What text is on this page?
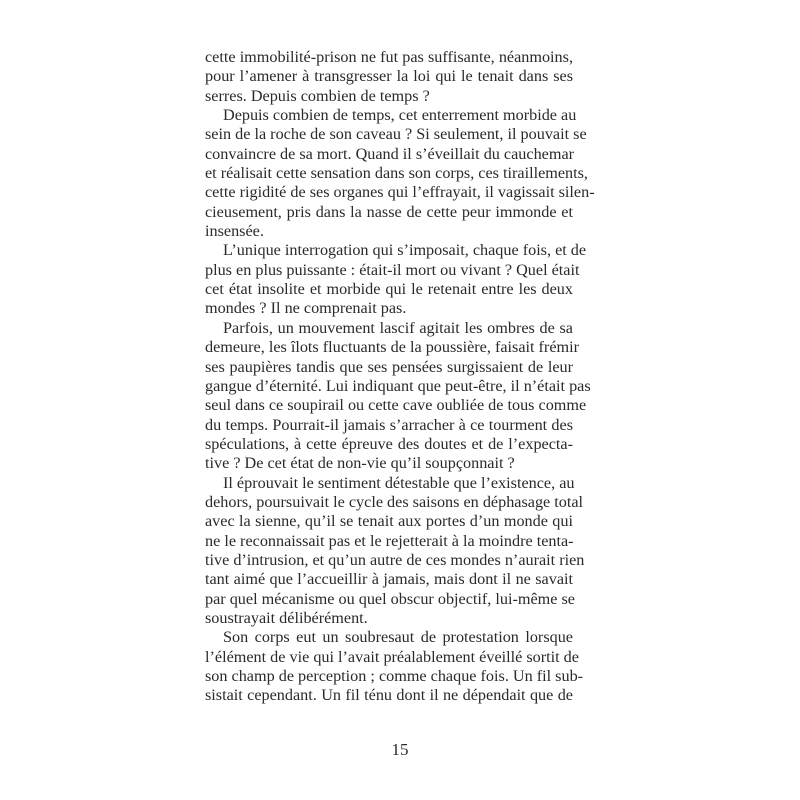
cette immobilité-prison ne fut pas suffisante, néanmoins,
pour l’amener à transgresser la loi qui le tenait dans ses
serres. Depuis combien de temps ?
Depuis combien de temps, cet enterrement morbide au
sein de la roche de son caveau ? Si seulement, il pouvait se
convaincre de sa mort. Quand il s’éveillait du cauchemar
et réalisait cette sensation dans son corps, ces tiraillements,
cette rigidité de ses organes qui l’effrayait, il vagissait silen-
cieusement, pris dans la nasse de cette peur immonde et
insensée.
L’unique interrogation qui s’imposait, chaque fois, et de
plus en plus puissante : était-il mort ou vivant ? Quel était
cet état insolite et morbide qui le retenait entre les deux
mondes ? Il ne comprenait pas.
Parfois, un mouvement lascif agitait les ombres de sa
demeure, les îlots fluctuants de la poussière, faisait frémir
ses paupières tandis que ses pensées surgissaient de leur
gangue d’éternité. Lui indiquant que peut-être, il n’était pas
seul dans ce soupirail ou cette cave oubliée de tous comme
du temps. Pourrait-il jamais s’arracher à ce tourment des
spéculations, à cette épreuve des doutes et de l’expecta-
tive ? De cet état de non-vie qu’il soupçonnait ?
Il éprouvait le sentiment détestable que l’existence, au
dehors, poursuivait le cycle des saisons en déphasage total
avec la sienne, qu’il se tenait aux portes d’un monde qui
ne le reconnaissait pas et le rejetterait à la moindre tenta-
tive d’intrusion, et qu’un autre de ces mondes n’aurait rien
tant aimé que l’accueillir à jamais, mais dont il ne savait
par quel mécanisme ou quel obscur objectif, lui-même se
soustrayait délibérément.
Son corps eut un soubresaut de protestation lorsque
l’élément de vie qui l’avait préalablement éveillé sortit de
son champ de perception ; comme chaque fois. Un fil sub-
sistait cependant. Un fil ténu dont il ne dépendait que de
15
